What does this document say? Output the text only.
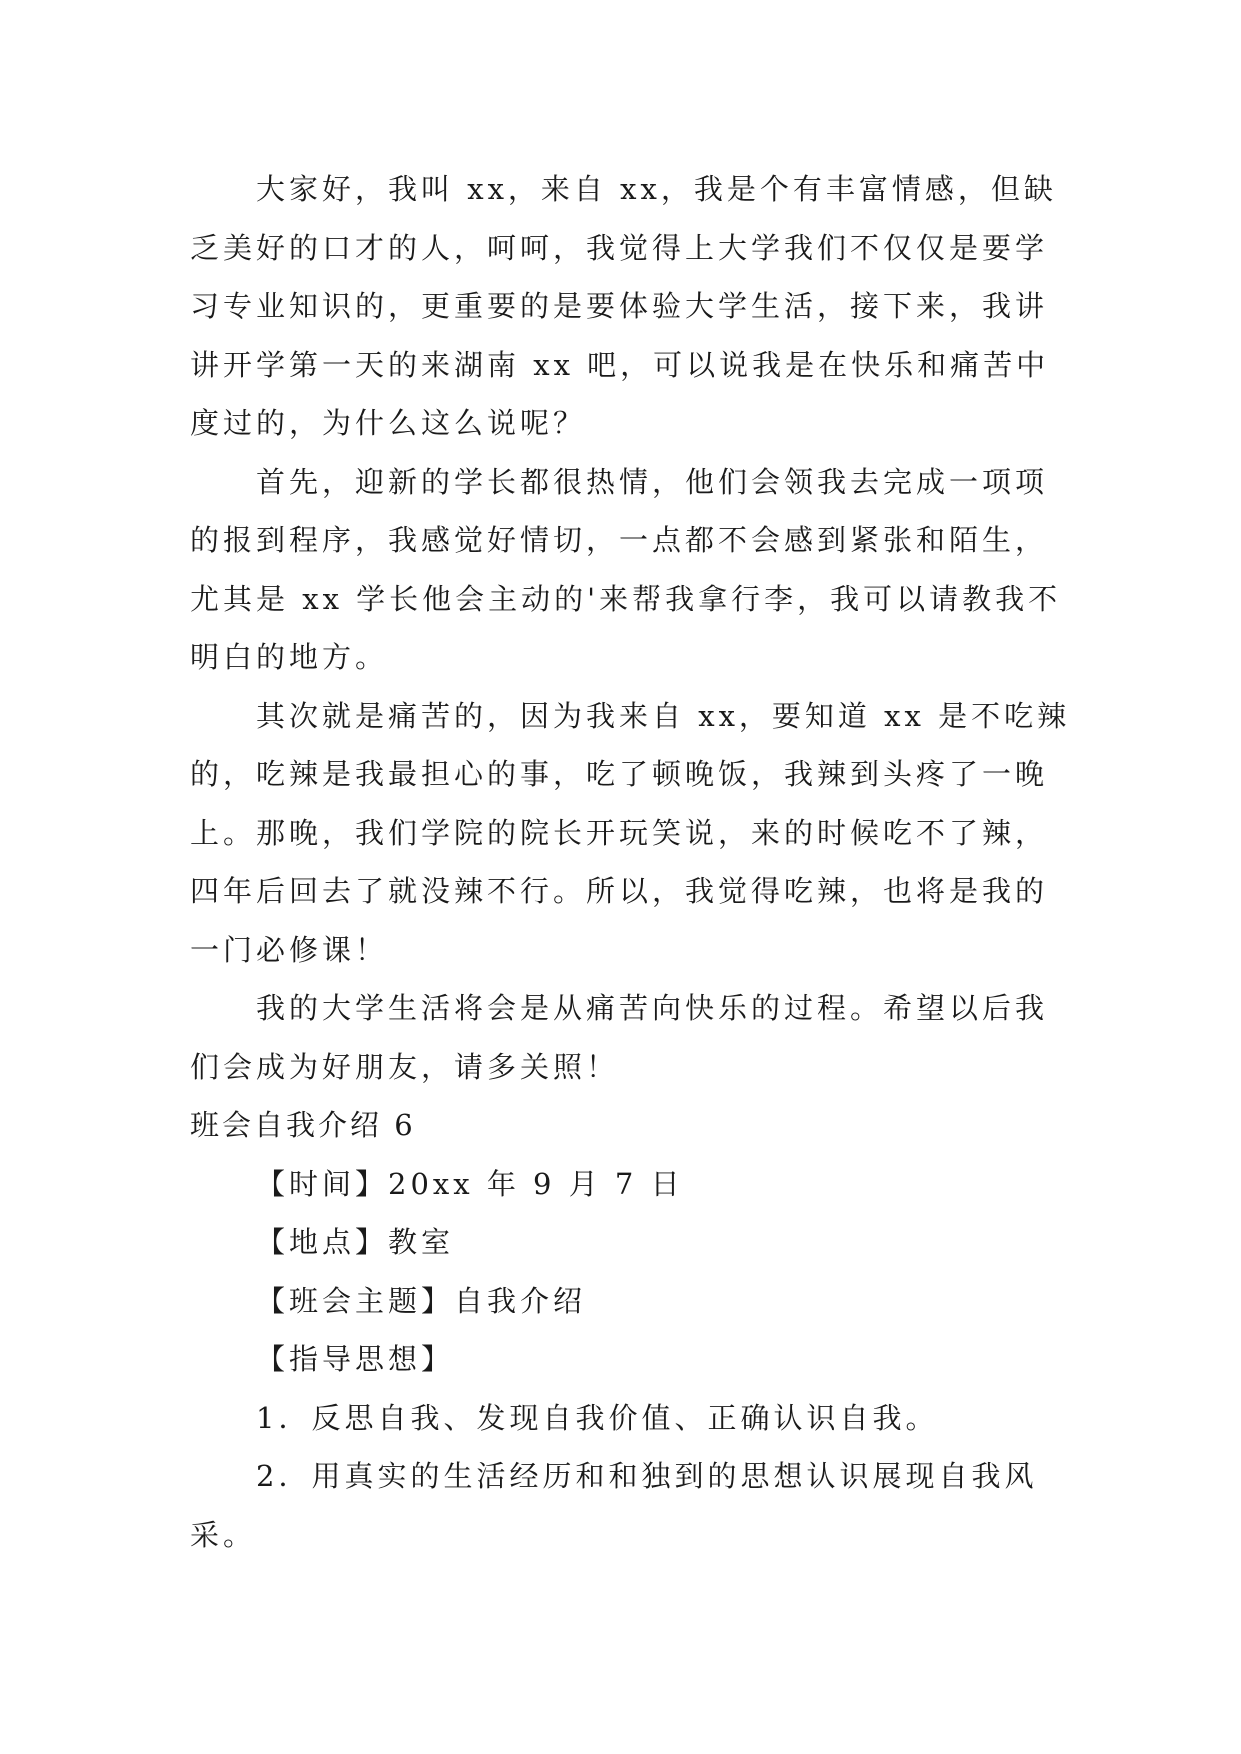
大家好，我叫 xx，来自 xx，我是个有丰富情感，但缺
乏美好的口才的人，呵呵，我觉得上大学我们不仅仅是要学
习专业知识的，更重要的是要体验大学生活，接下来，我讲
讲开学第一天的来湖南 xx 吧，可以说我是在快乐和痛苦中
度过的，为什么这么说呢？
首先，迎新的学长都很热情，他们会领我去完成一项项
的报到程序，我感觉好情切，一点都不会感到紧张和陌生，
尤其是 xx 学长他会主动的'来帮我拿行李，我可以请教我不
明白的地方。
其次就是痛苦的，因为我来自 xx，要知道 xx 是不吃辣
的，吃辣是我最担心的事，吃了顿晚饭，我辣到头疼了一晚
上。那晚，我们学院的院长开玩笑说，来的时候吃不了辣，
四年后回去了就没辣不行。所以，我觉得吃辣，也将是我的
一门必修课！
我的大学生活将会是从痛苦向快乐的过程。希望以后我
们会成为好朋友，请多关照！
班会自我介绍 6
【时间】20xx 年 9 月 7 日
【地点】教室
【班会主题】自我介绍
【指导思想】
1．反思自我、发现自我价值、正确认识自我。
2．用真实的生活经历和和独到的思想认识展现自我风
采。
